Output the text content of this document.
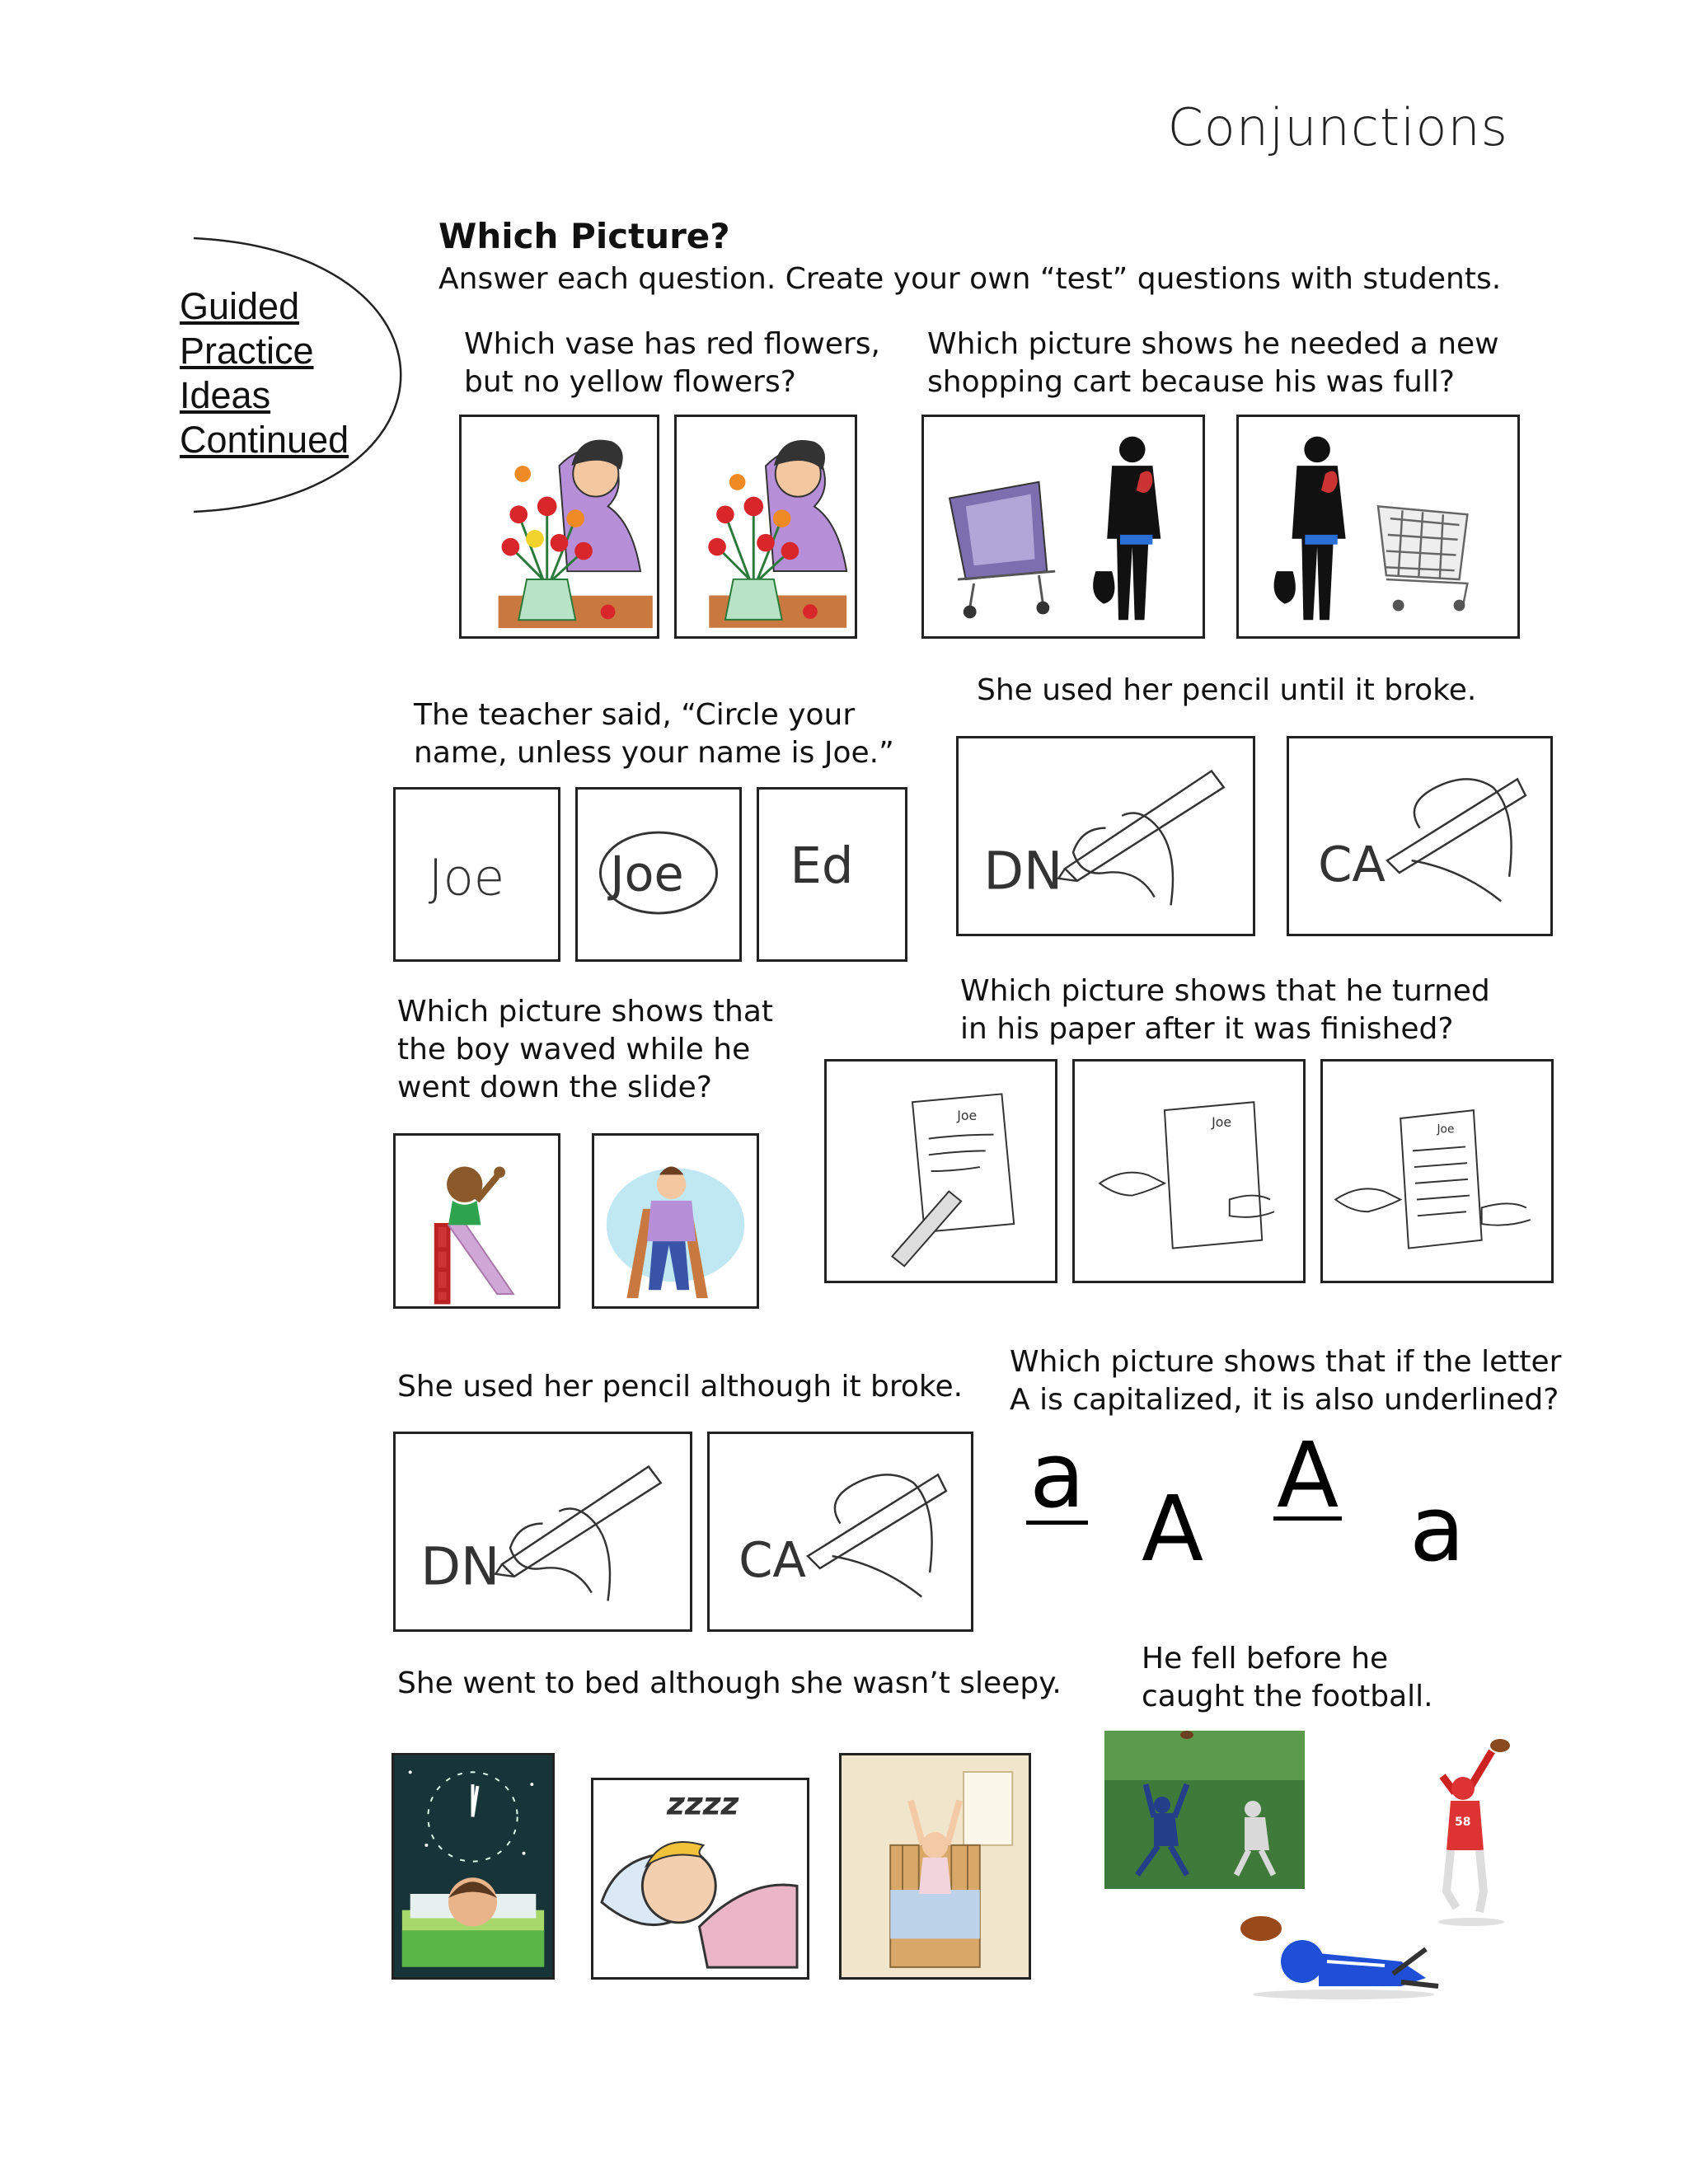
Conjunctions
Guided
Practice
Ideas
Continued
Which Picture?
Answer each question. Create your own “test” questions with students.
Which vase has red flowers,
but no yellow flowers?
Which picture shows he needed a new
shopping cart because his was full?
The teacher said, “Circle your
name, unless your name is Joe.”
Joe Joe Ed
She used her pencil until it broke.
DN	CA
Which picture shows that
the boy waved while he
went down the slide?
Which picture shows that he turned
in his paper after it was finished?
Joe	Joe	Joe
She used her pencil although it broke.
DN	CA
Which picture shows that if the letter
A is capitalized, it is also underlined?
a
A
A
a
She went to bed although she wasn’t sleepy.
zzzz
He fell before he
caught the football.
58
